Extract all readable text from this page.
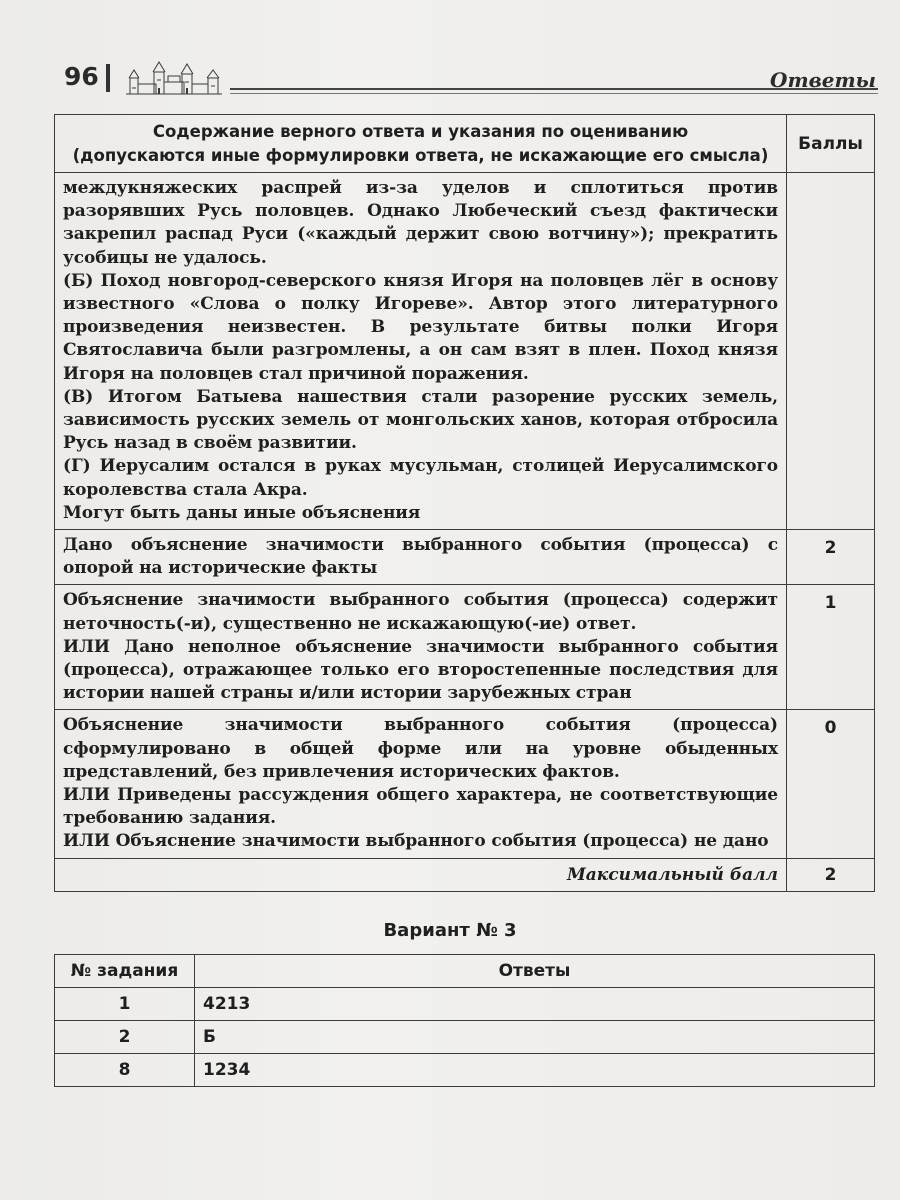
96	Ответы
Содержание верного ответа и указания по оцениванию
(допускаются иные формулировки ответа, не искажающие его смысла)	Баллы

междукняжеских распрей из-за уделов и сплотиться против разорявших Русь половцев. Однако Любеческий съезд фактически закрепил распад Руси («каждый держит свою вотчину»); прекратить усобицы не удалось.

(Б) Поход новгород-северского князя Игоря на половцев лёг в основу известного «Слова о полку Игореве». Автор этого литературного произведения неизвестен. В результате битвы полки Игоря Святославича были разгромлены, а он сам взят в плен. Поход князя Игоря на половцев стал причиной поражения.

(В) Итогом Батыева нашествия стали разорение русских земель, зависимость русских земель от монгольских ханов, которая отбросила Русь назад в своём развитии.

(Г) Иерусалим остался в руках мусульман, столицей Иерусалимского королевства стала Акра.

Могут быть даны иные объяснения	

Дано объяснение значимости выбранного события (процесса) с опорой на исторические факты	2

Объяснение значимости выбранного события (процесса) содержит неточность(-и), существенно не искажающую(-ие) ответ.

ИЛИ Дано неполное объяснение значимости выбранного события (процесса), отражающее только его второстепенные последствия для истории нашей страны и/или истории зарубежных стран	1

Объяснение значимости выбранного события (процесса) сформулировано в общей форме или на уровне обыденных представлений, без привлечения исторических фактов.

ИЛИ Приведены рассуждения общего характера, не соответствующие требованию задания.

ИЛИ Объяснение значимости выбранного события (процесса) не дано	0
Максимальный балл	2
Вариант № 3
№ задания	Ответы
1	4213
2	Б
8	1234
